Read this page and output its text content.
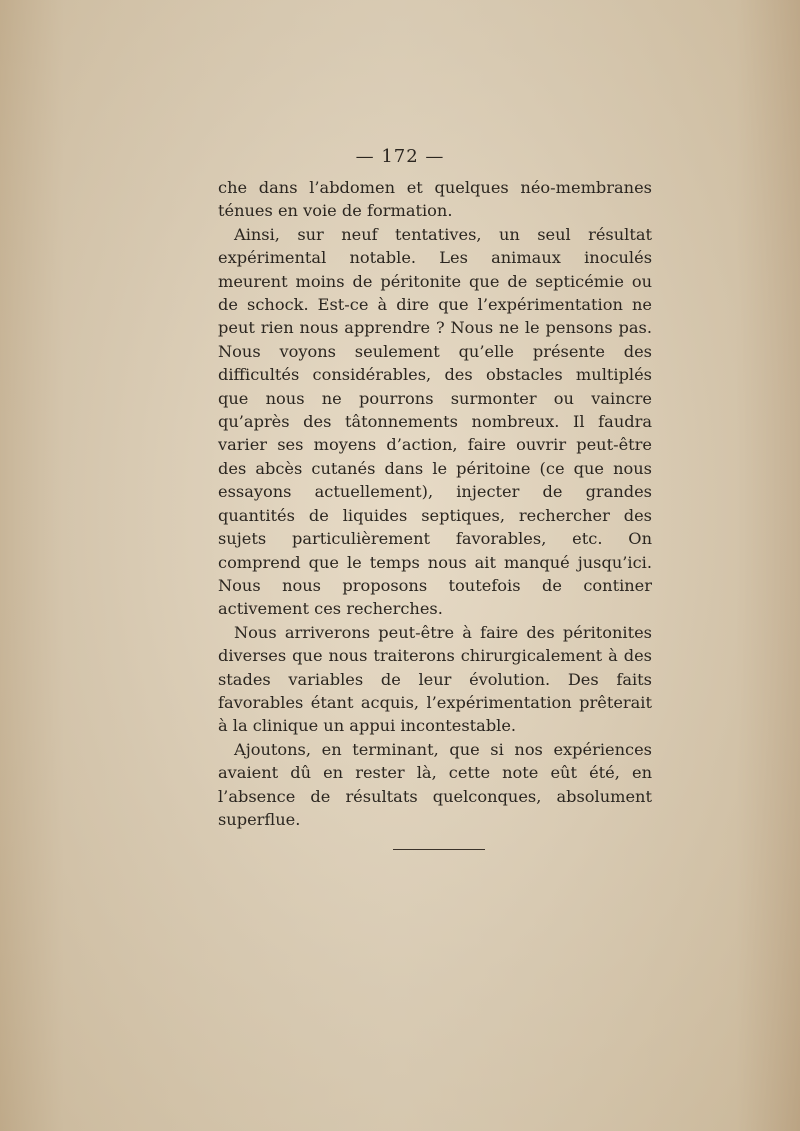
— 172 —

che dans l’abdomen et quelques néo-membranes ténues en voie de formation.

Ainsi, sur neuf tentatives, un seul résultat expérimental notable. Les animaux inoculés meurent moins de péritonite que de septicémie ou de schock. Est-ce à dire que l’expérimentation ne peut rien nous apprendre ? Nous ne le pensons pas. Nous voyons seulement qu’elle présente des difficultés considérables, des obstacles multiplés que nous ne pourrons surmonter ou vaincre qu’après des tâtonnements nombreux. Il faudra varier ses moyens d’action, faire ouvrir peut-être des abcès cutanés dans le péritoine (ce que nous essayons actuellement), injecter de grandes quantités de liquides septiques, rechercher des sujets particulièrement favorables, etc. On comprend que le temps nous ait manqué jusqu’ici. Nous nous proposons toutefois de continer activement ces recherches.

Nous arriverons peut-être à faire des péritonites diverses que nous traiterons chirurgicalement à des stades variables de leur évolution. Des faits favorables étant acquis, l’expérimentation prêterait à la clinique un appui incontestable.

Ajoutons, en terminant, que si nos expériences avaient dû en rester là, cette note eût été, en l’absence de résultats quelconques, absolument superflue.
